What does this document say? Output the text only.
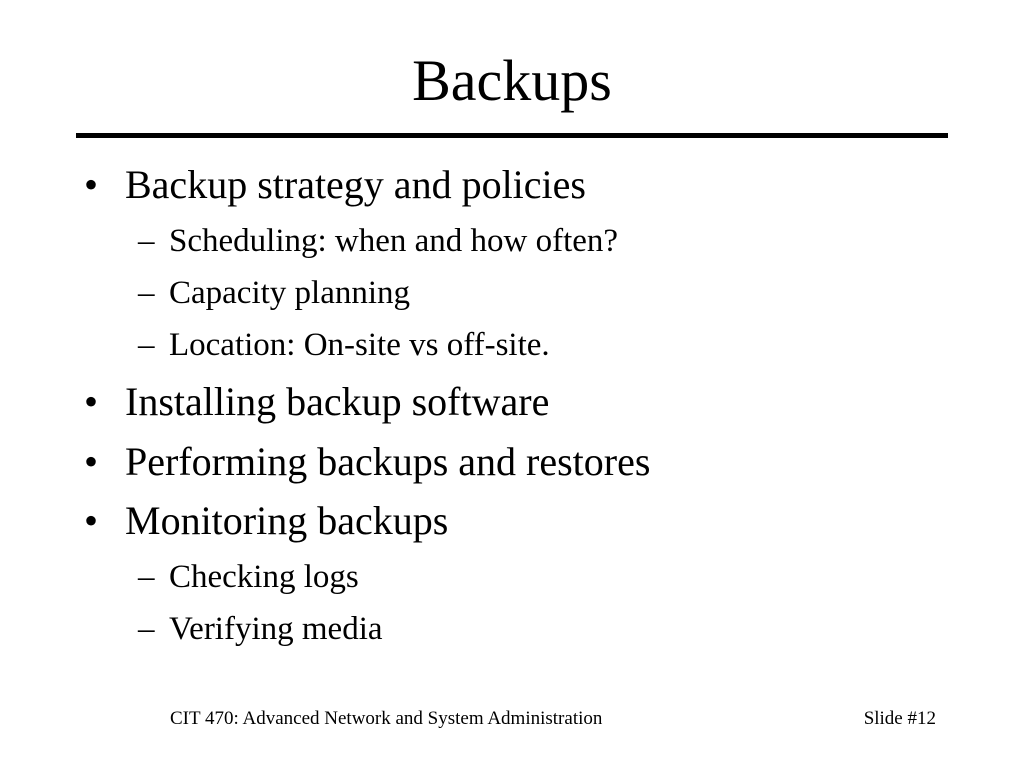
Backups
• Backup strategy and policies
– Scheduling: when and how often?
– Capacity planning
– Location: On-site vs off-site.
• Installing backup software
• Performing backups and restores
• Monitoring backups
– Checking logs
– Verifying media
CIT 470: Advanced Network and System Administration	Slide #12
